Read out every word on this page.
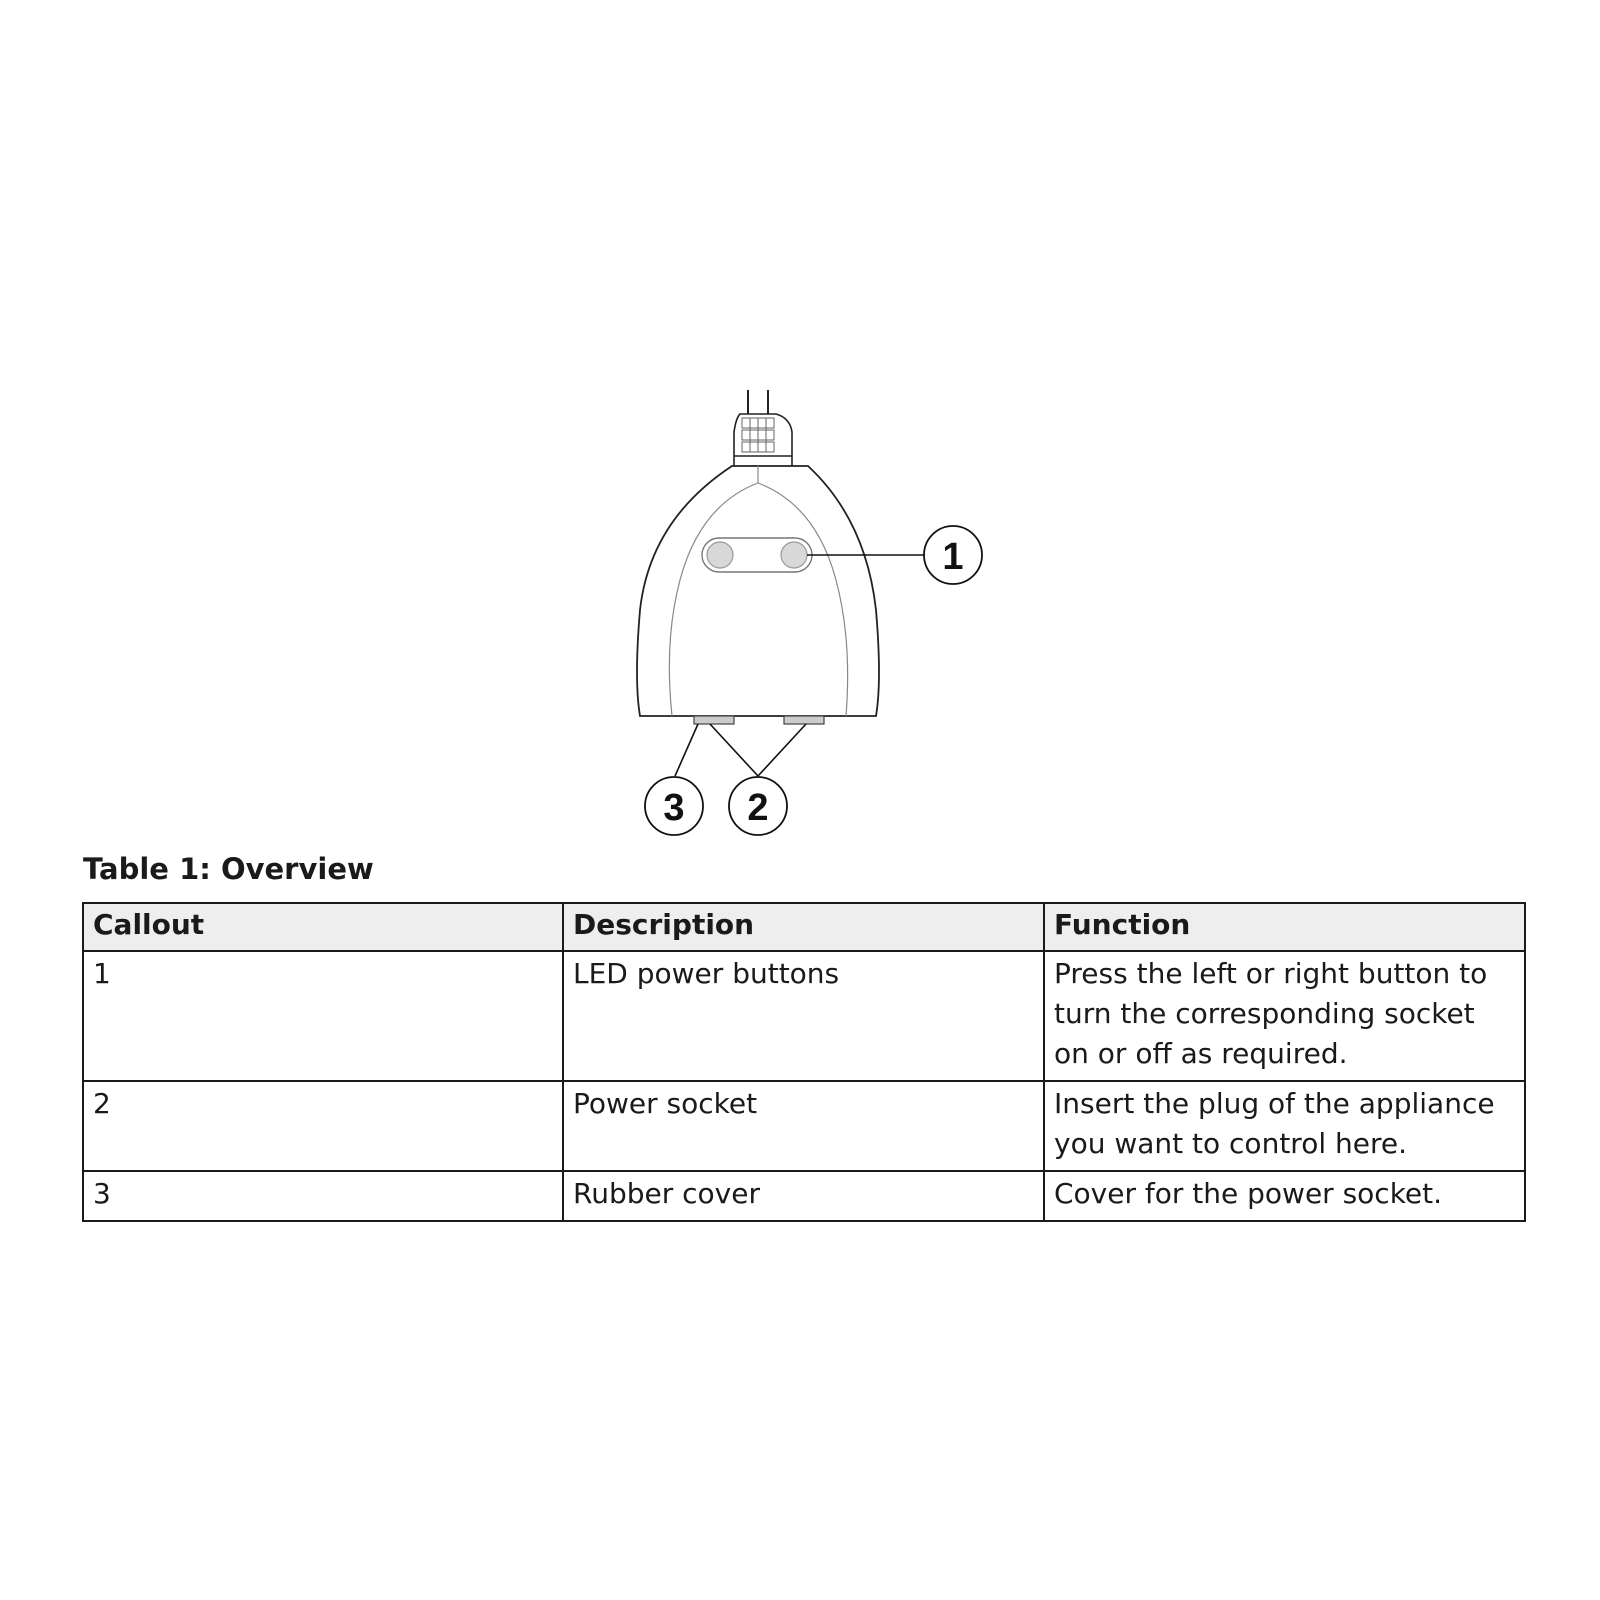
1
2
3
Table 1: Overview
Callout	Description	Function
1	LED power buttons	Press the left or right button to turn the corresponding socket on or off as required.
2	Power socket	Insert the plug of the appliance you want to control here.
3	Rubber cover	Cover for the power socket.
